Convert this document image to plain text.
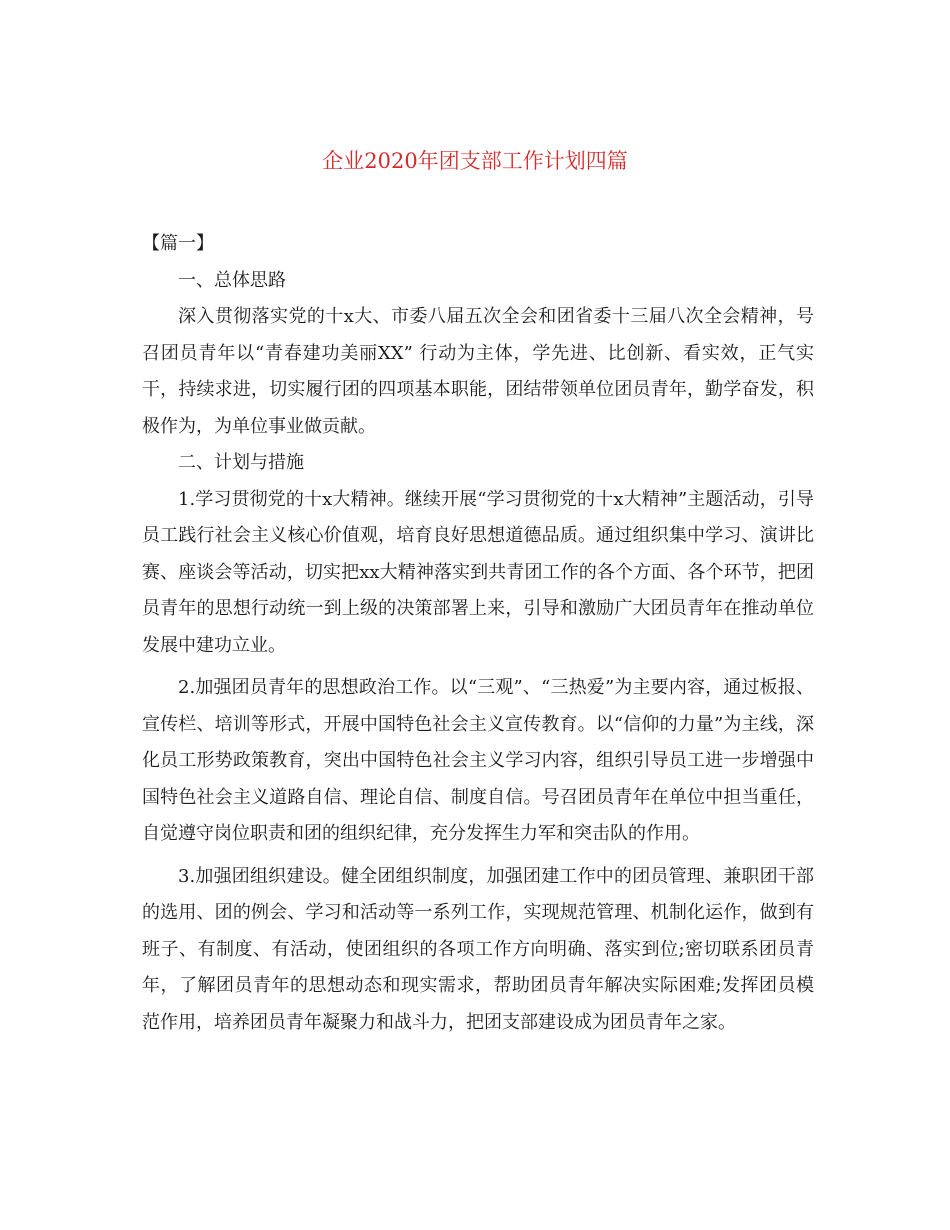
企业2020年团支部工作计划四篇

【篇一】

一、总体思路

深入贯彻落实党的十x大、市委八届五次全会和团省委十三届八次全会精神，号召团员青年以“青春建功美丽XX” 行动为主体，学先进、比创新、看实效，正气实干，持续求进，切实履行团的四项基本职能，团结带领单位团员青年，勤学奋发，积极作为，为单位事业做贡献。

二、计划与措施

1.学习贯彻党的十x大精神。继续开展“学习贯彻党的十x大精神”主题活动，引导员工践行社会主义核心价值观，培育良好思想道德品质。通过组织集中学习、演讲比赛、座谈会等活动，切实把xx大精神落实到共青团工作的各个方面、各个环节，把团员青年的思想行动统一到上级的决策部署上来，引导和激励广大团员青年在推动单位发展中建功立业。

2.加强团员青年的思想政治工作。以“三观”、“三热爱”为主要内容，通过板报、宣传栏、培训等形式，开展中国特色社会主义宣传教育。以“信仰的力量”为主线，深化员工形势政策教育，突出中国特色社会主义学习内容，组织引导员工进一步增强中国特色社会主义道路自信、理论自信、制度自信。号召团员青年在单位中担当重任，自觉遵守岗位职责和团的组织纪律，充分发挥生力军和突击队的作用。

3.加强团组织建设。健全团组织制度，加强团建工作中的团员管理、兼职团干部的选用、团的例会、学习和活动等一系列工作，实现规范管理、机制化运作，做到有班子、有制度、有活动，使团组织的各项工作方向明确、落实到位;密切联系团员青年，了解团员青年的思想动态和现实需求，帮助团员青年解决实际困难;发挥团员模范作用，培养团员青年凝聚力和战斗力，把团支部建设成为团员青年之家。
